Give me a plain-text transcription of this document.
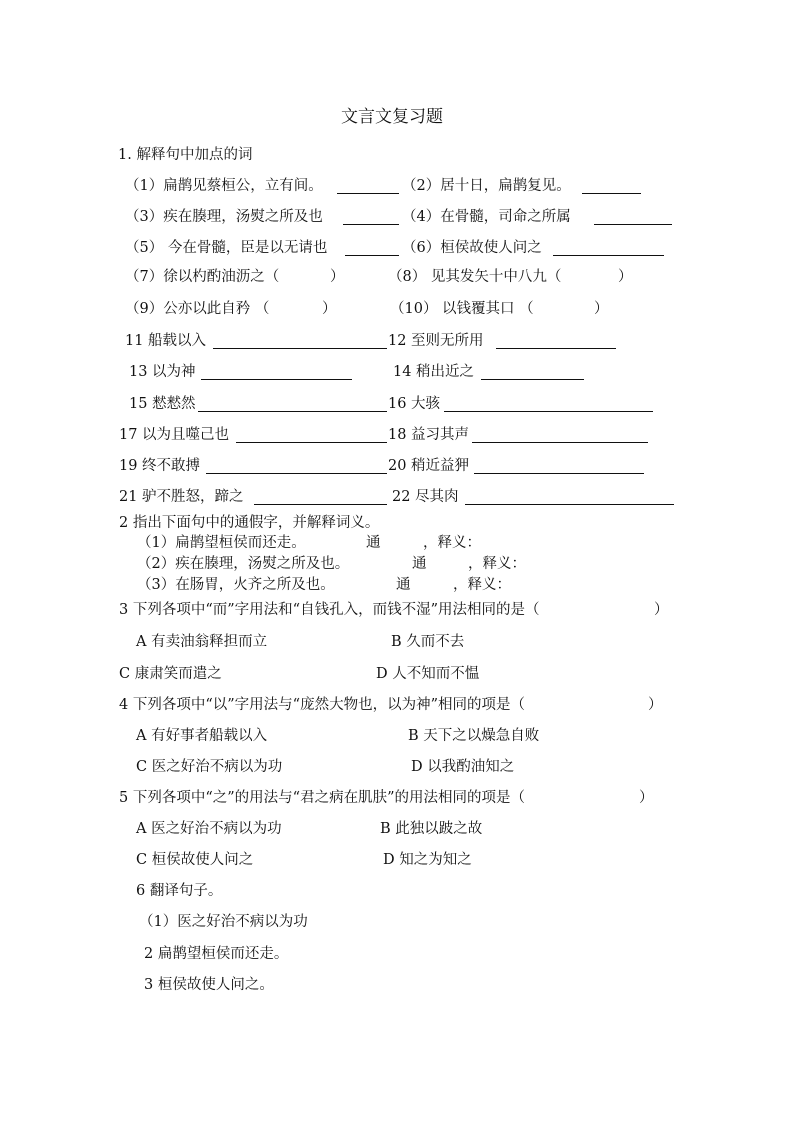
文言文复习题
1. 解释句中加点的词
（1）扁鹊见蔡桓公，立有间。	（2）居十日，扁鹊复见。
（3）疾在腠理，汤熨之所及也	（4）在骨髓，司命之所属
（5） 今在骨髓，臣是以无请也	（6）桓侯故使人问之
（7）徐以杓酌油沥之（	）	（8） 见其发矢十中八九（	）
（9）公亦以此自矜 （	）	（10） 以钱覆其口 （	）
11 船载以入	12 至则无所用
13 以为神	14 稍出近之
15 慭慭然	16 大骇
17 以为且噬己也	18 益习其声
19 终不敢搏	20 稍近益狎
21 驴不胜怒，蹄之	22 尽其肉
2 指出下面句中的通假字，并解释词义。
（1）扁鹊望桓侯而还走。	通	，释义：
（2）疾在腠理，汤熨之所及也。	通	，释义：
（3）在肠胃，火齐之所及也。	通	，释义：
3 下列各项中“而”字用法和“自钱孔入，而钱不湿”用法相同的是（	）
A 有卖油翁释担而立	B 久而不去
C 康肃笑而遣之	D 人不知而不愠
4 下列各项中“以”字用法与“庞然大物也，以为神”相同的项是（	）
A 有好事者船载以入	B 天下之以燥急自败
C 医之好治不病以为功	D 以我酌油知之
5 下列各项中“之”的用法与“君之病在肌肤”的用法相同的项是（	）
A 医之好治不病以为功	B 此独以跛之故
C 桓侯故使人问之	D 知之为知之
6 翻译句子。
（1）医之好治不病以为功
2 扁鹊望桓侯而还走。
3 桓侯故使人问之。
